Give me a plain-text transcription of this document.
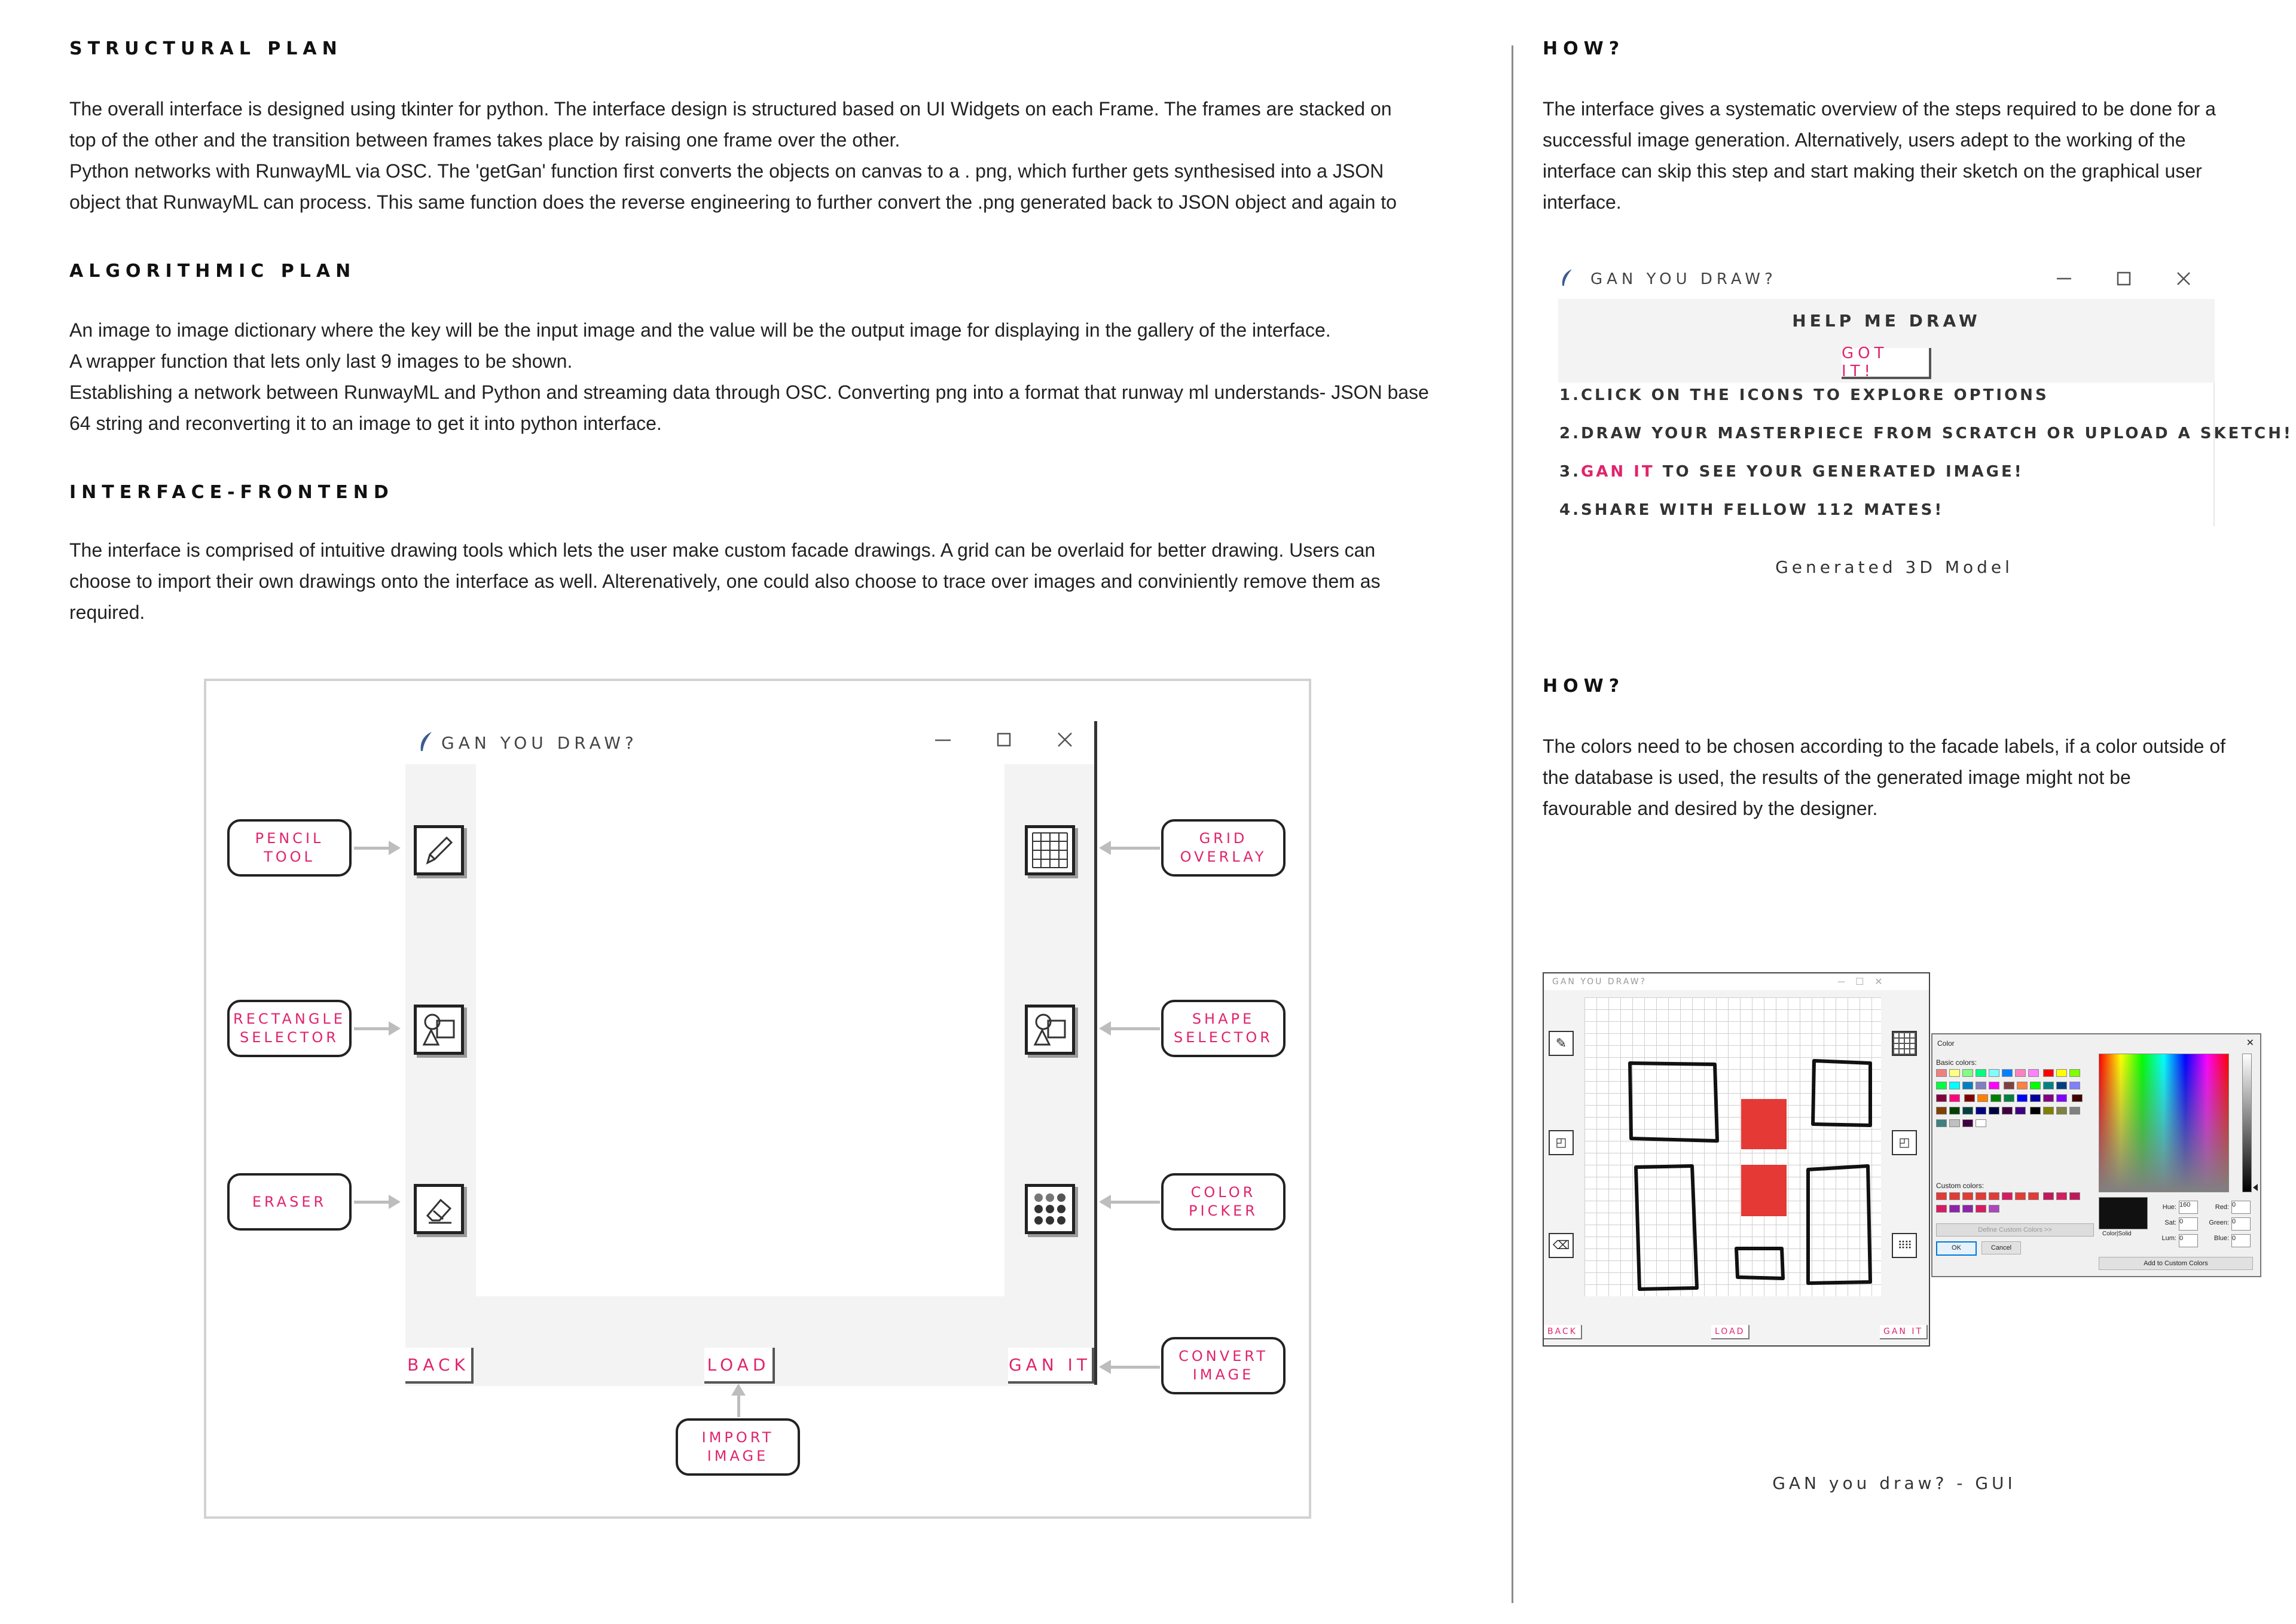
STRUCTURAL PLAN
The overall interface is designed using tkinter for python. The interface design is structured based on UI Widgets on each Frame. The frames are stacked on
top of the other and the transition between frames takes place by raising one frame over the other.
Python networks with RunwayML via OSC. The 'getGan' function first converts the objects on canvas to a . png, which further gets synthesised into a JSON
object that RunwayML can process. This same function does the reverse engineering to further convert the .png generated back to JSON object and again to
ALGORITHMIC PLAN
An image to image dictionary where the key will be the input image and the value will be the output image for displaying in the gallery of the interface.
A wrapper function that lets only last 9 images to be shown.
Establishing a network between RunwayML and Python and streaming data through OSC. Converting png into a format that runway ml understands- JSON base
64 string and reconverting it to an image to get it into python interface.
INTERFACE-FRONTEND
The interface is comprised of intuitive drawing tools which lets the user make custom facade drawings. A grid can be overlaid for better drawing. Users can
choose to import their own drawings onto the interface as well. Alterenatively, one could also choose to trace over images and conviniently remove them as
required.
GAN YOU DRAW?
BACK	LOAD	GAN IT
PENCIL
TOOL
RECTANGLE
SELECTOR
ERASER
GRID
OVERLAY
SHAPE
SELECTOR
COLOR
PICKER
CONVERT
IMAGE
IMPORT
IMAGE
HOW?
The interface gives a systematic overview of the steps required to be done for a
successful image generation. Alternatively, users adept to the working of the
interface can skip this step and start making their sketch on the graphical user
interface.
GAN YOU DRAW?
HELP ME DRAW
GOT IT!
1.CLICK ON THE ICONS TO EXPLORE OPTIONS
2.DRAW YOUR MASTERPIECE FROM SCRATCH OR UPLOAD A SKETCH!
3.GAN IT TO SEE YOUR GENERATED IMAGE!
4.SHARE WITH FELLOW 112 MATES!
Generated 3D Model
HOW?
The colors need to be chosen according to the facade labels, if a color outside of
the database is used, the results of the generated image might not be
favourable and desired by the designer.
GAN YOU DRAW?	─    ☐    ✕
✎
◰
⌫
◰
⠿⠿
BACK	LOAD	GAN IT
Color	✕
Basic colors:

Custom colors:

Define Custom Colors >>
OK	Cancel
Color|Solid
Hue:
Sat:
Lum:
160
0
0
Red:
Green:
Blue:
0
0
0
Add to Custom Colors
GAN you draw? - GUI
